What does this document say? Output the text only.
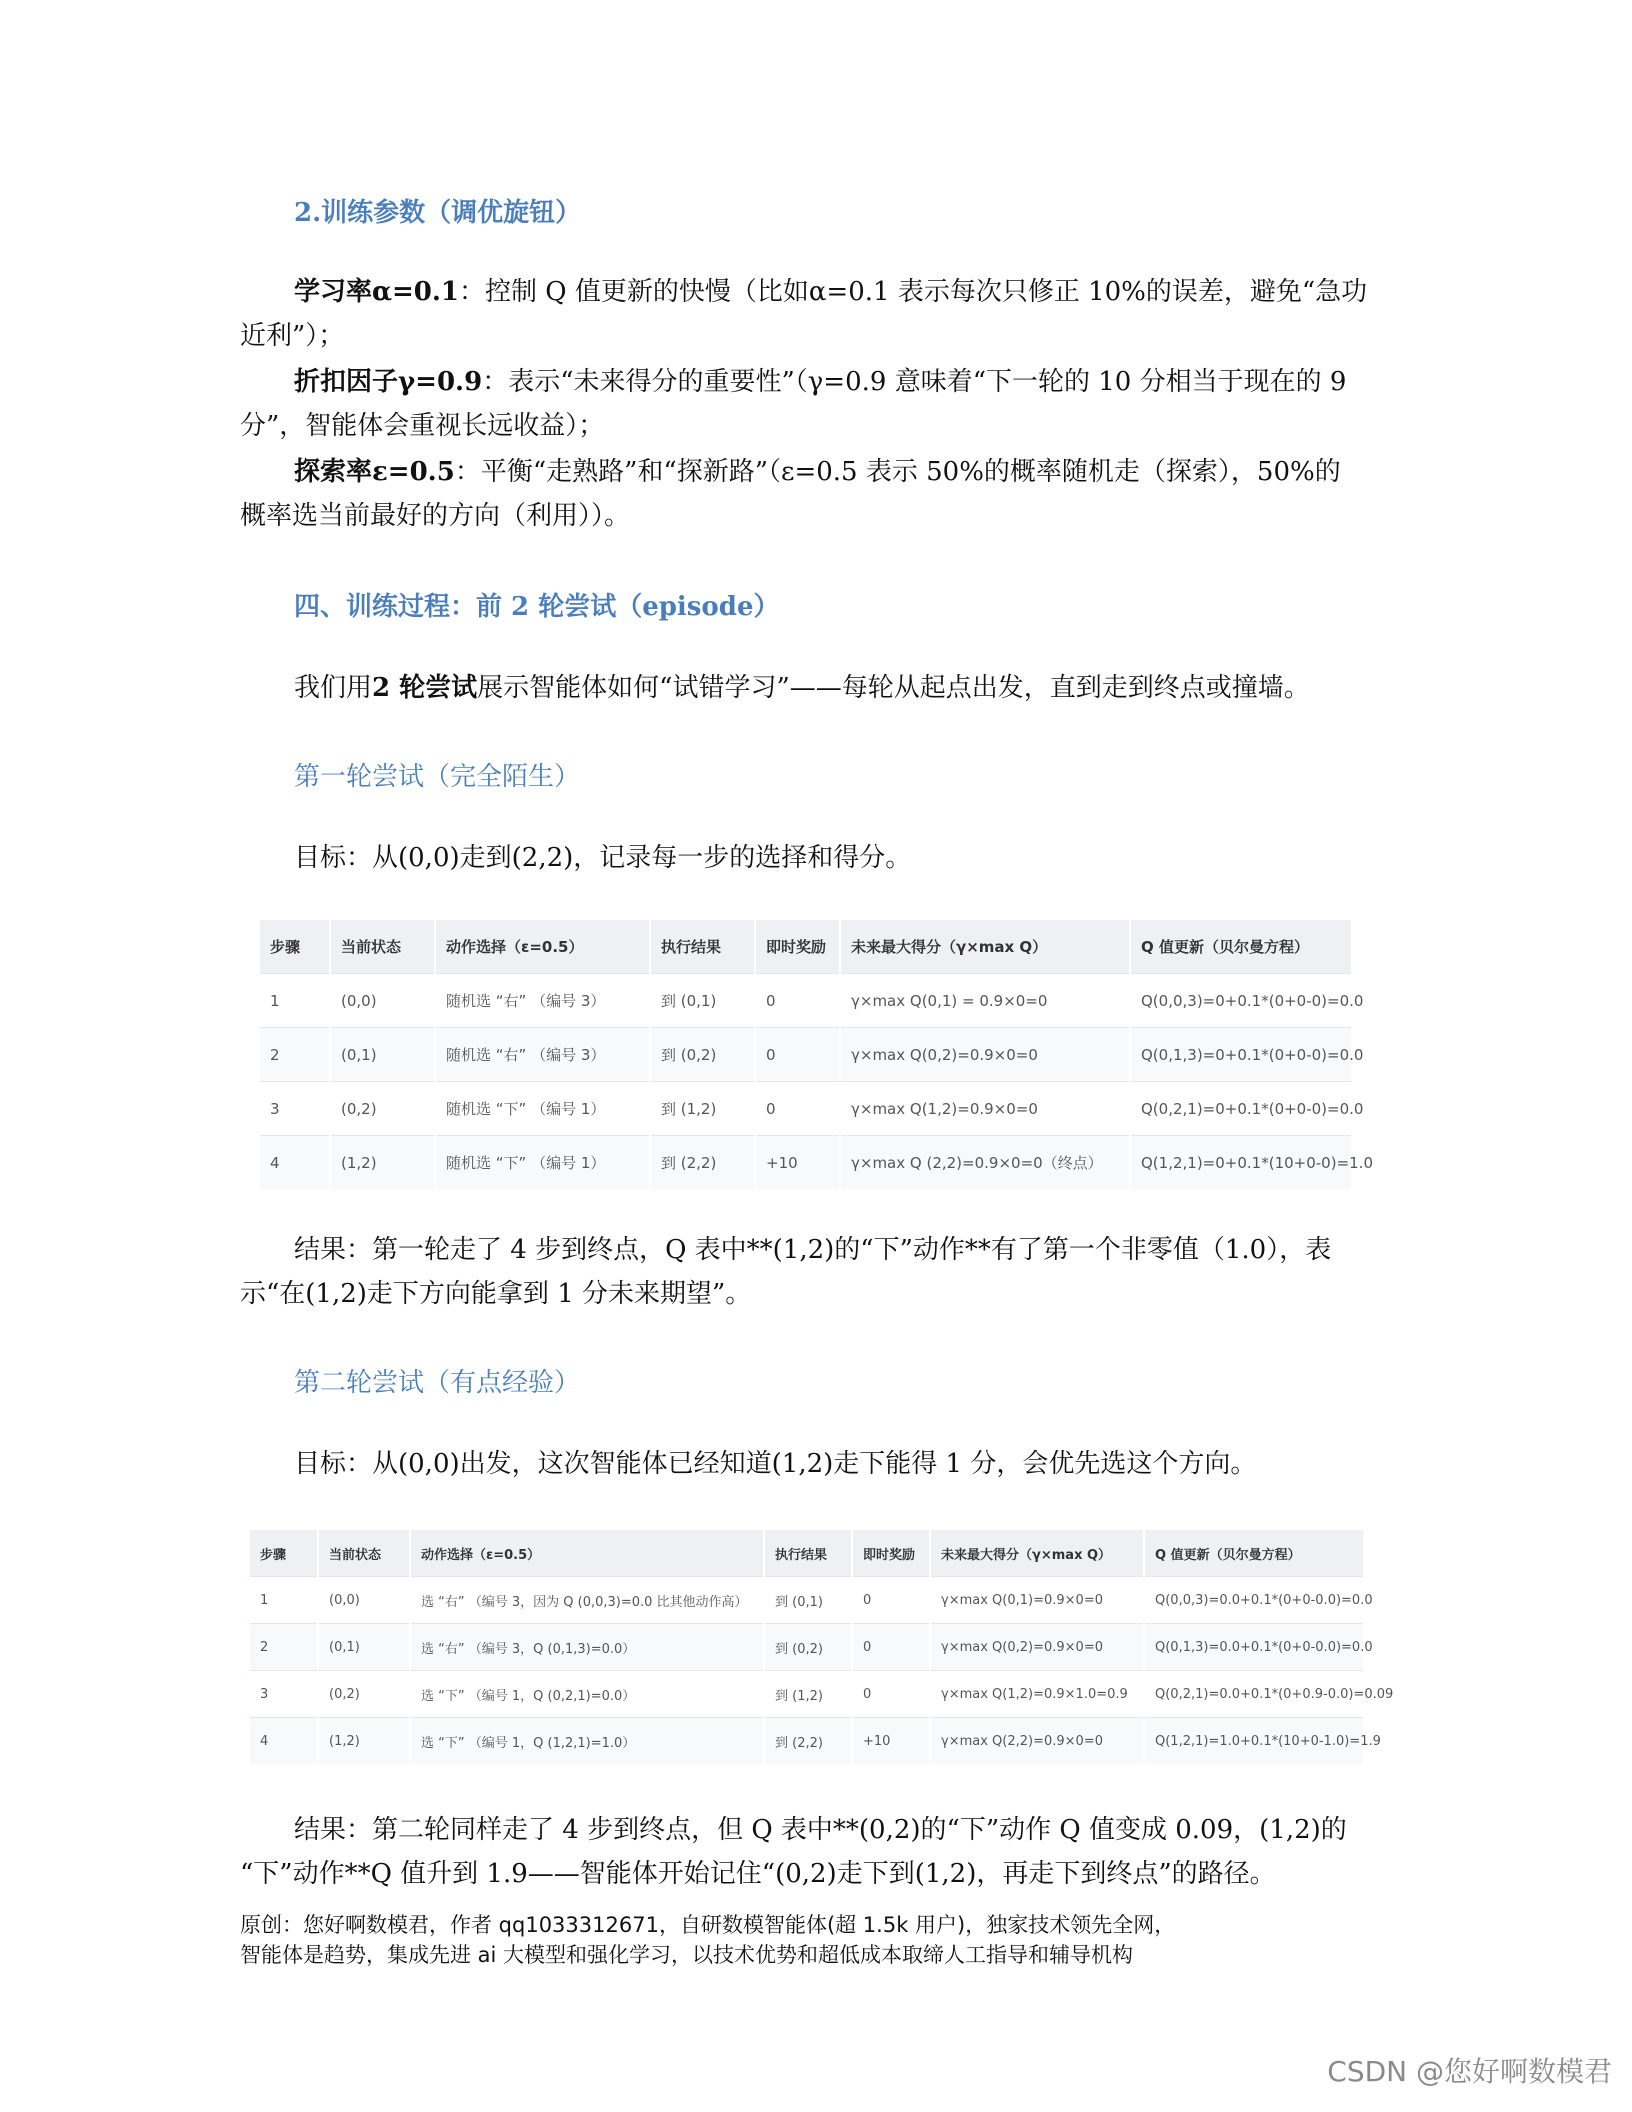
2.训练参数（调优旋钮）
学习率α=0.1：控制 Q 值更新的快慢（比如α=0.1 表示每次只修正 10%的误差，避免“急功
近利”）；
折扣因子γ=0.9：表示“未来得分的重要性”（γ=0.9 意味着“下一轮的 10 分相当于现在的 9
分”，智能体会重视长远收益）；
探索率ε=0.5：平衡“走熟路”和“探新路”（ε=0.5 表示 50%的概率随机走（探索），50%的
概率选当前最好的方向（利用））。
四、训练过程：前 2 轮尝试（episode）
我们用2 轮尝试展示智能体如何“试错学习”——每轮从起点出发，直到走到终点或撞墙。
第一轮尝试（完全陌生）
目标：从(0,0)走到(2,2)，记录每一步的选择和得分。
步骤	当前状态	动作选择（ε=0.5）	执行结果	即时奖励	未来最大得分（γ×max Q）	Q 值更新（贝尔曼方程）
1	(0,0)	随机选 “右” （编号 3）	到 (0,1)	0	γ×max Q(0,1) = 0.9×0=0	Q(0,0,3)=0+0.1*(0+0-0)=0.0
2	(0,1)	随机选 “右” （编号 3）	到 (0,2)	0	γ×max Q(0,2)=0.9×0=0	Q(0,1,3)=0+0.1*(0+0-0)=0.0
3	(0,2)	随机选 “下” （编号 1）	到 (1,2)	0	γ×max Q(1,2)=0.9×0=0	Q(0,2,1)=0+0.1*(0+0-0)=0.0
4	(1,2)	随机选 “下” （编号 1）	到 (2,2)	+10	γ×max Q (2,2)=0.9×0=0（终点）	Q(1,2,1)=0+0.1*(10+0-0)=1.0
结果：第一轮走了 4 步到终点，Q 表中**(1,2)的“下”动作**有了第一个非零值（1.0），表
示“在(1,2)走下方向能拿到 1 分未来期望”。
第二轮尝试（有点经验）
目标：从(0,0)出发，这次智能体已经知道(1,2)走下能得 1 分，会优先选这个方向。
步骤	当前状态	动作选择（ε=0.5）	执行结果	即时奖励	未来最大得分（γ×max Q）	Q 值更新（贝尔曼方程）
1	(0,0)	选 “右” （编号 3，因为 Q (0,0,3)=0.0 比其他动作高）	到 (0,1)	0	γ×max Q(0,1)=0.9×0=0	Q(0,0,3)=0.0+0.1*(0+0-0.0)=0.0
2	(0,1)	选 “右” （编号 3，Q (0,1,3)=0.0）	到 (0,2)	0	γ×max Q(0,2)=0.9×0=0	Q(0,1,3)=0.0+0.1*(0+0-0.0)=0.0
3	(0,2)	选 “下” （编号 1，Q (0,2,1)=0.0）	到 (1,2)	0	γ×max Q(1,2)=0.9×1.0=0.9	Q(0,2,1)=0.0+0.1*(0+0.9-0.0)=0.09
4	(1,2)	选 “下” （编号 1，Q (1,2,1)=1.0）	到 (2,2)	+10	γ×max Q(2,2)=0.9×0=0	Q(1,2,1)=1.0+0.1*(10+0-1.0)=1.9
结果：第二轮同样走了 4 步到终点，但 Q 表中**(0,2)的“下”动作 Q 值变成 0.09，(1,2)的
“下”动作**Q 值升到 1.9——智能体开始记住“(0,2)走下到(1,2)，再走下到终点”的路径。
原创：您好啊数模君，作者 qq1033312671，自研数模智能体(超 1.5k 用户)，独家技术领先全网，
智能体是趋势，集成先进 ai 大模型和强化学习，以技术优势和超低成本取缔人工指导和辅导机构
CSDN @您好啊数模君
